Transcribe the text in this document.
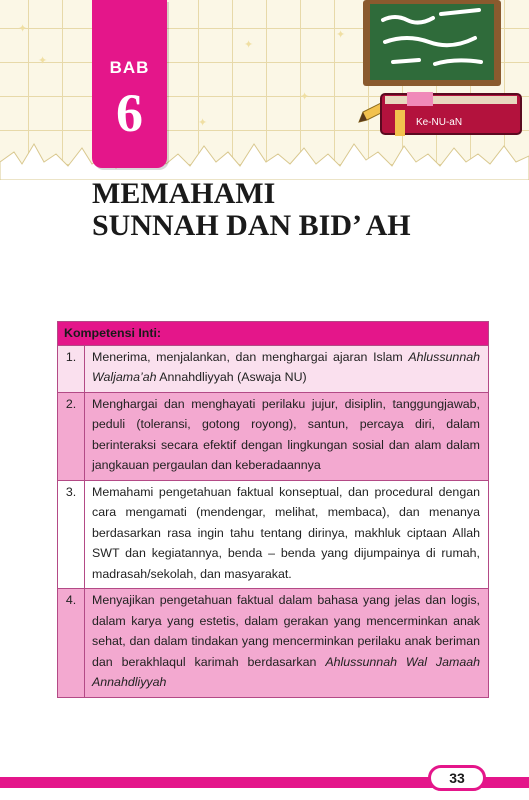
✦
✦
✦
✦
✦
✦
BAB
6	Ke-NU-aN
MEMAHAMI
SUNNAH DAN BID’ AH
Kompetensi Inti:	
1.	Menerima, menjalankan, dan menghargai ajaran Islam Ahlussunnah Waljama’ah Annahdliyyah (Aswaja NU)
2.	Menghargai dan menghayati perilaku jujur, disiplin, tanggungjawab, peduli (toleransi, gotong royong), santun, percaya diri, dalam berinteraksi secara efektif dengan lingkungan sosial dan alam dalam jangkauan pergaulan dan keberadaannya
3.	Memahami pengetahuan faktual konseptual, dan procedural dengan cara mengamati (mendengar, melihat, membaca), dan menanya berdasarkan rasa ingin tahu tentang dirinya, makhluk ciptaan Allah SWT dan kegiatannya, benda – benda yang dijumpainya di rumah, madrasah/sekolah, dan masyarakat.
4.	Menyajikan pengetahuan faktual dalam bahasa yang jelas dan logis, dalam karya yang estetis, dalam gerakan yang mencerminkan anak sehat, dan dalam tindakan yang mencerminkan perilaku anak beriman dan berakhlaqul karimah berdasarkan Ahlussunnah Wal Jamaah Annahdliyyah
33
